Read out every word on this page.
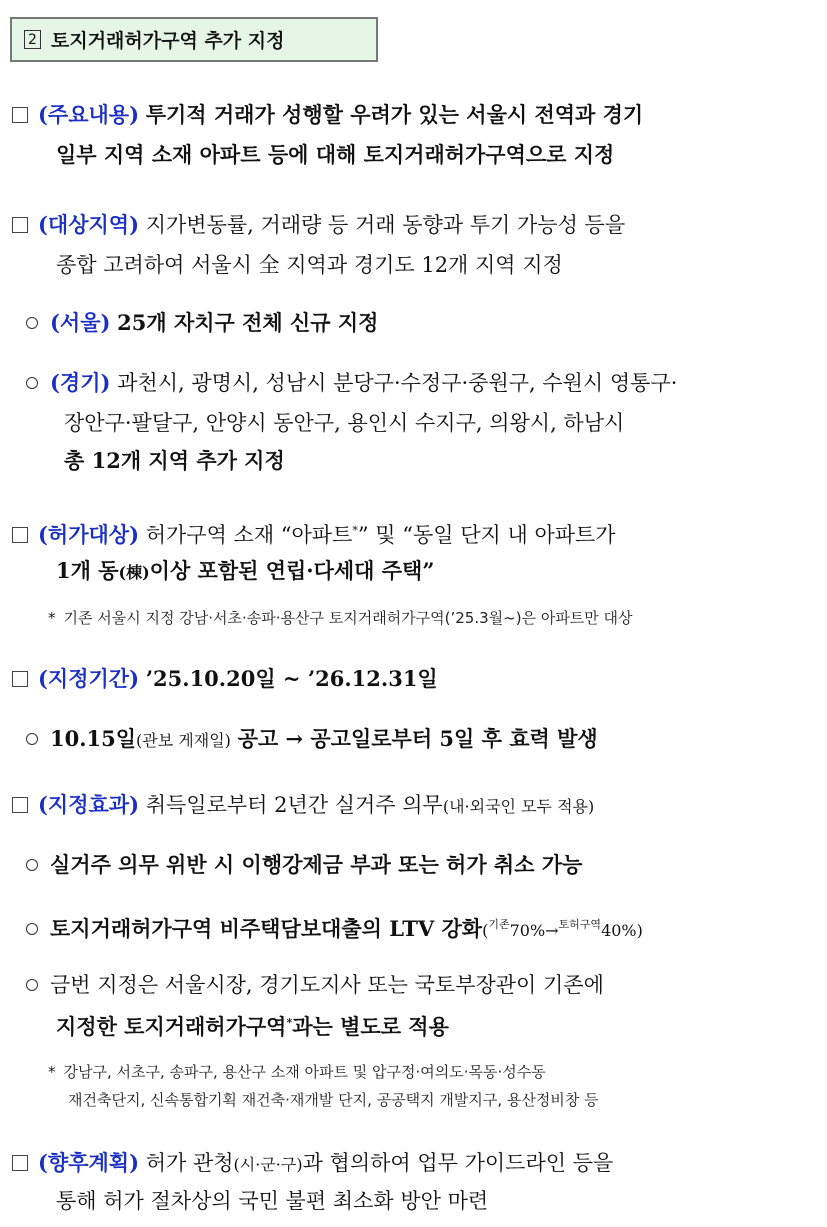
2 토지거래허가구역 추가 지정
(주요내용) 투기적 거래가 성행할 우려가 있는 서울시 전역과 경기
일부 지역 소재 아파트 등에 대해 토지거래허가구역으로 지정
(대상지역) 지가변동률, 거래량 등 거래 동향과 투기 가능성 등을
종합 고려하여 서울시 全 지역과 경기도 12개 지역 지정
(서울) 25개 자치구 전체 신규 지정
(경기) 과천시, 광명시, 성남시 분당구·수정구·중원구, 수원시 영통구·
장안구·팔달구, 안양시 동안구, 용인시 수지구, 의왕시, 하남시
총 12개 지역 추가 지정
(허가대상) 허가구역 소재 “아파트*” 및 “동일 단지 내 아파트가
1개 동(棟)이상 포함된 연립·다세대 주택”
* 기존 서울시 지정 강남·서초·송파·용산구 토지거래허가구역(’25.3월~)은 아파트만 대상
(지정기간) ’25.10.20일 ~ ’26.12.31일
10.15일(관보 게재일) 공고 → 공고일로부터 5일 후 효력 발생
(지정효과) 취득일로부터 2년간 실거주 의무(내·외국인 모두 적용)
실거주 의무 위반 시 이행강제금 부과 또는 허가 취소 가능
토지거래허가구역 비주택담보대출의 LTV 강화($^{기존}$70%→$^{토허구역}$40%)
금번 지정은 서울시장, 경기도지사 또는 국토부장관이 기존에
지정한 토지거래허가구역*과는 별도로 적용
* 강남구, 서초구, 송파구, 용산구 소재 아파트 및 압구정·여의도·목동·성수동
재건축단지, 신속통합기획 재건축·재개발 단지, 공공택지 개발지구, 용산정비창 등
(향후계획) 허가 관청(시·군·구)과 협의하여 업무 가이드라인 등을
통해 허가 절차상의 국민 불편 최소화 방안 마련
